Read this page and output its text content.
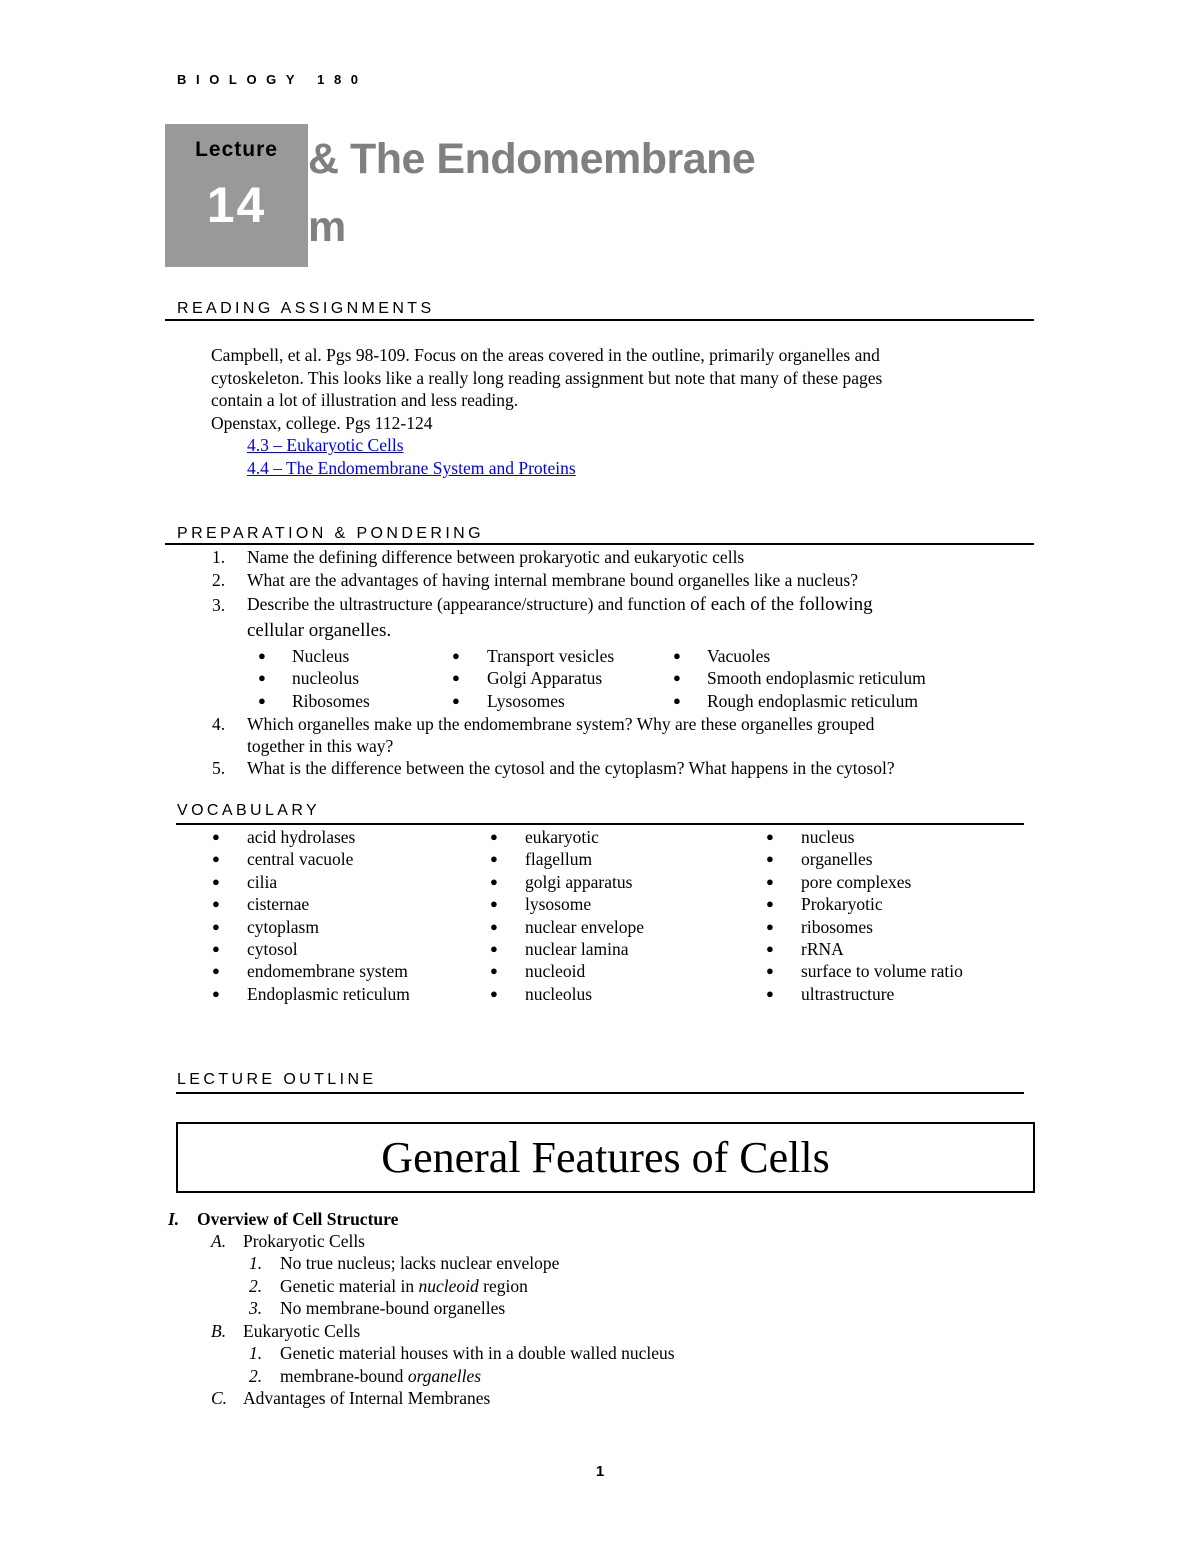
BIOLOGY 180
Lecture
14
& The Endomembrane
m
READING ASSIGNMENTS
Campbell, et al. Pgs 98-109. Focus on the areas covered in the outline, primarily organelles and
cytoskeleton. This looks like a really long reading assignment but note that many of these pages
contain a lot of illustration and less reading.
Openstax, college. Pgs 112-124
4.3 – Eukaryotic Cells
4.4 – The Endomembrane System and Proteins
PREPARATION & PONDERING
1. Name the defining difference between prokaryotic and eukaryotic cells
2. What are the advantages of having internal membrane bound organelles like a nucleus?
3. Describe the ultrastructure (appearance/structure) and function of each of the following
cellular organelles.
● Nucleus
● nucleolus
● Ribosomes
● Transport vesicles
● Golgi Apparatus
● Lysosomes
● Vacuoles
● Smooth endoplasmic reticulum
● Rough endoplasmic reticulum
4. Which organelles make up the endomembrane system? Why are these organelles grouped
together in this way?
5. What is the difference between the cytosol and the cytoplasm? What happens in the cytosol?
VOCABULARY
● acid hydrolases
● central vacuole
● cilia
● cisternae
● cytoplasm
● cytosol
● endomembrane system
● Endoplasmic reticulum
● eukaryotic
● flagellum
● golgi apparatus
● lysosome
● nuclear envelope
● nuclear lamina
● nucleoid
● nucleolus
● nucleus
● organelles
● pore complexes
● Prokaryotic
● ribosomes
● rRNA
● surface to volume ratio
● ultrastructure
LECTURE OUTLINE
General Features of Cells
I. Overview of Cell Structure
A. Prokaryotic Cells
1. No true nucleus; lacks nuclear envelope
2. Genetic material in nucleoid region
3. No membrane-bound organelles
B. Eukaryotic Cells
1. Genetic material houses with in a double walled nucleus
2. membrane-bound organelles
C. Advantages of Internal Membranes
1
